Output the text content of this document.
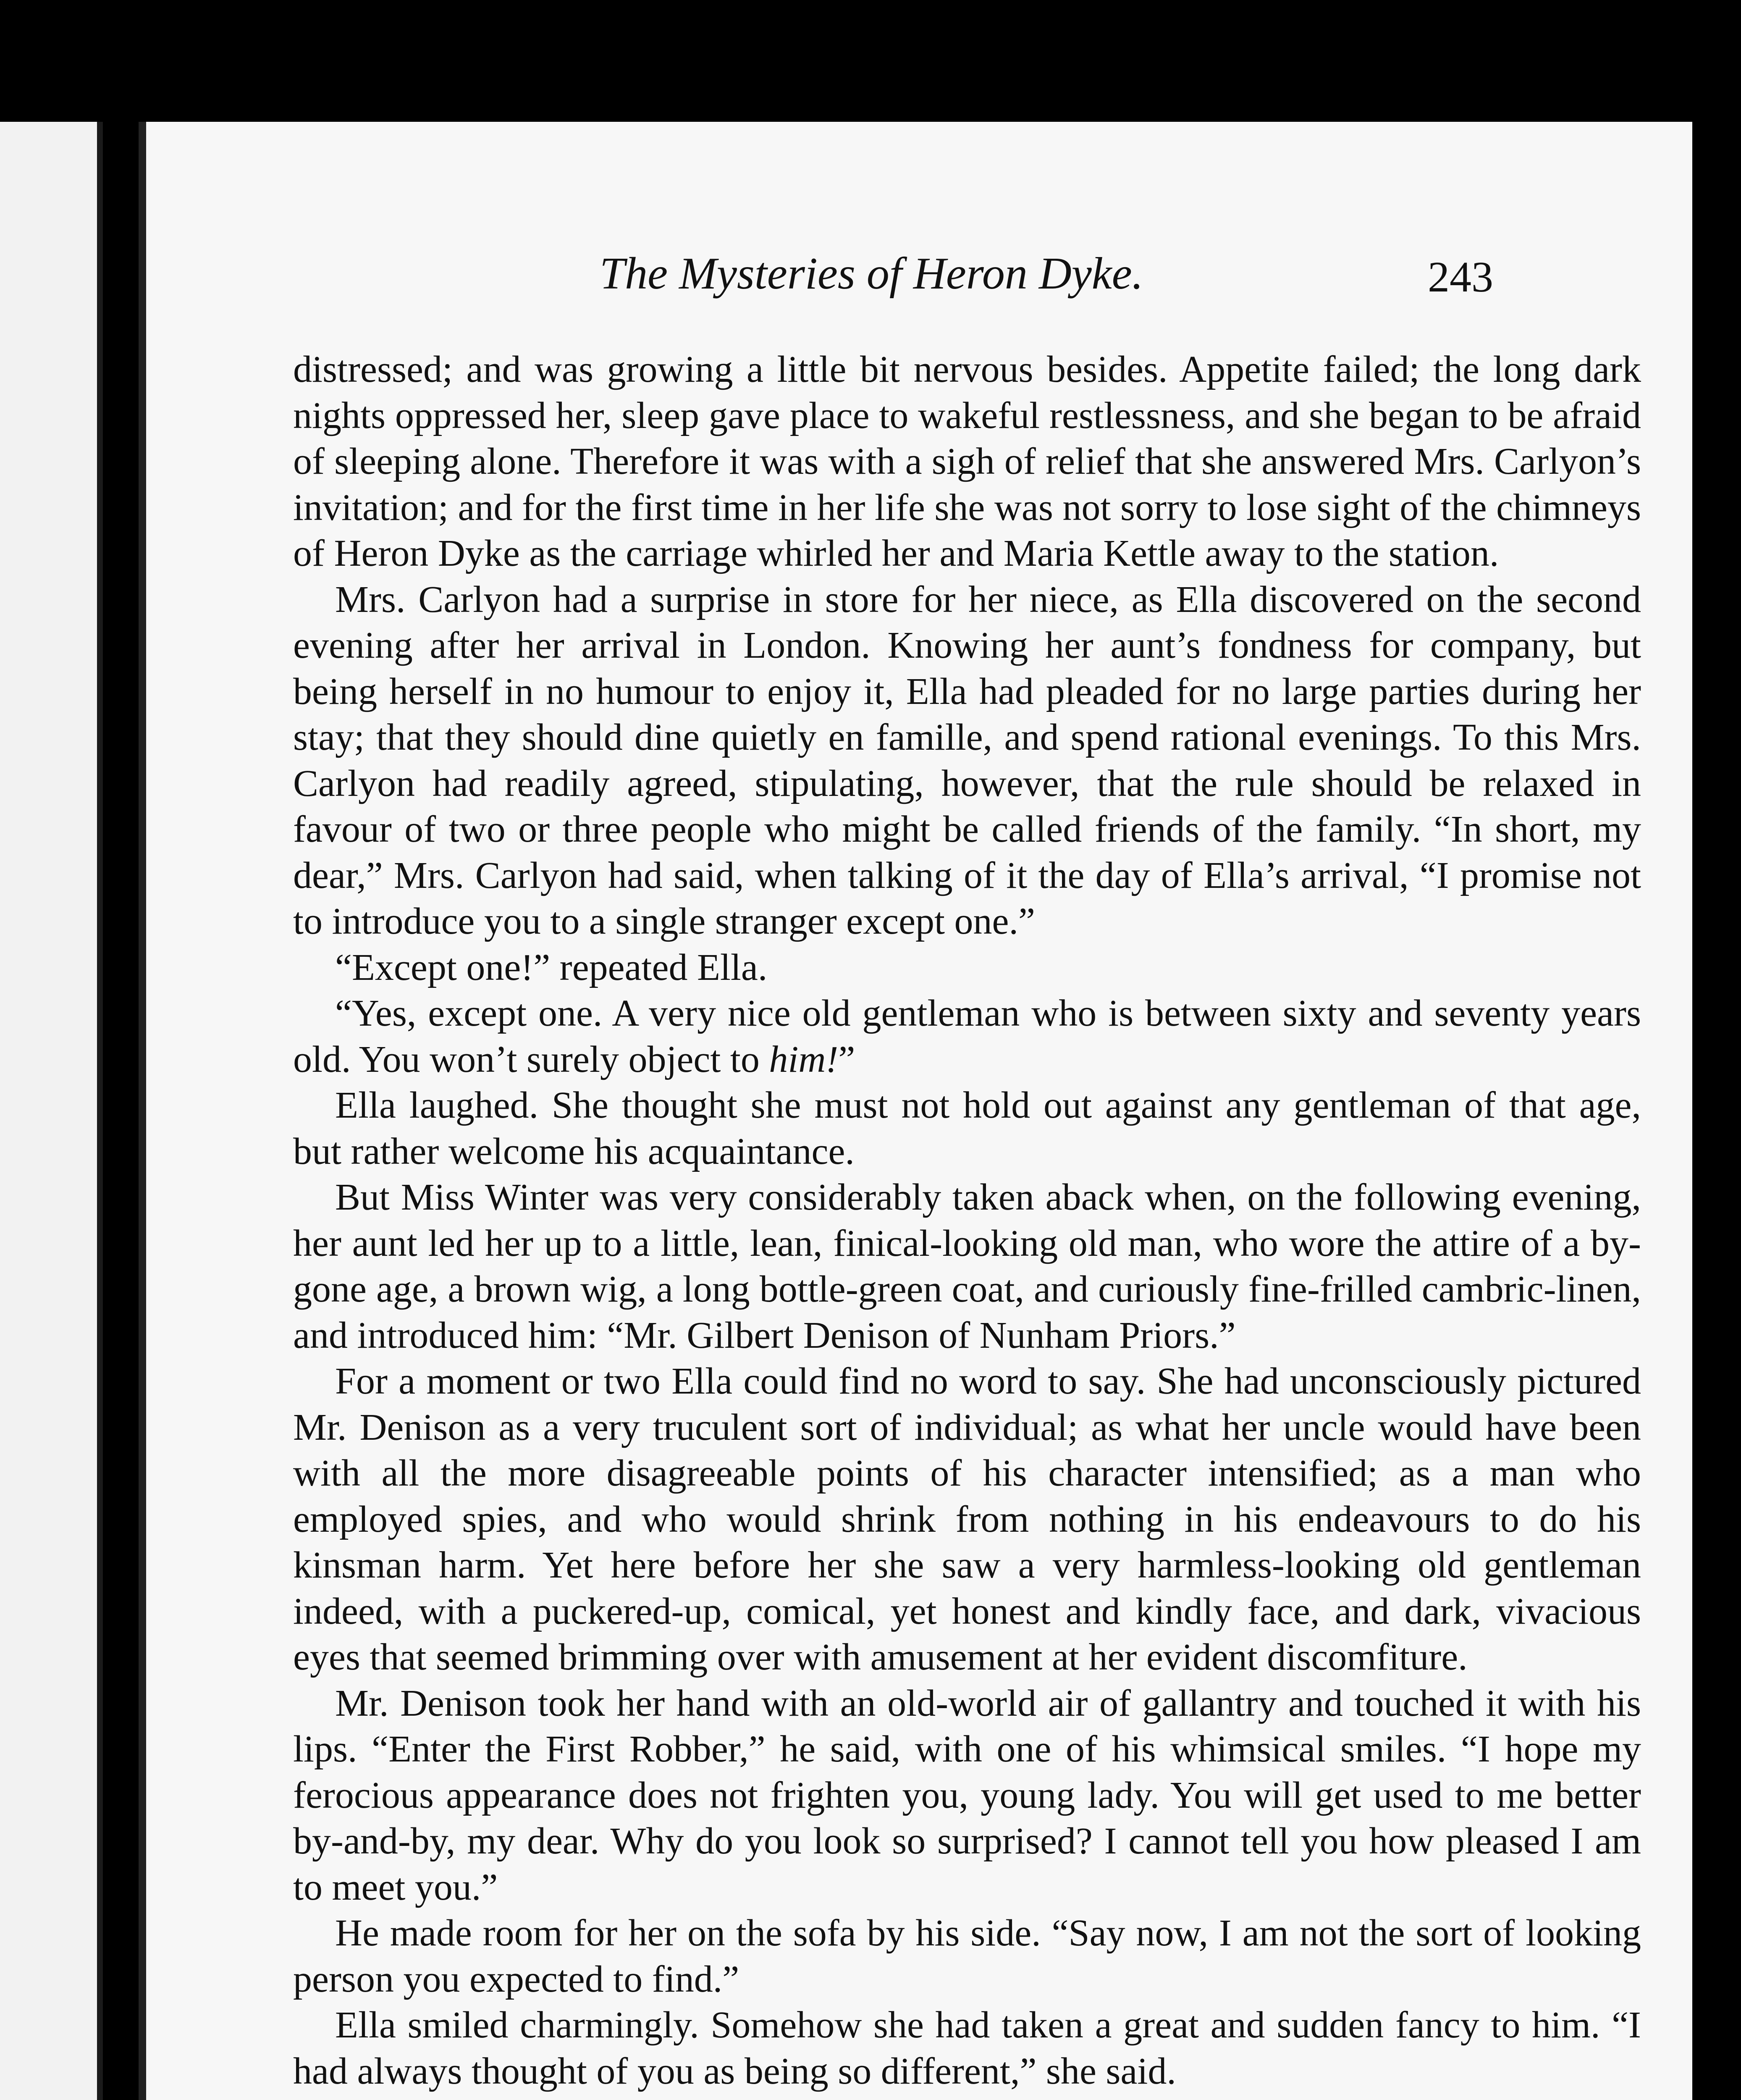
The Mysteries of Heron Dyke.	243

distressed; and was growing a little bit nervous besides. Appetite failed; the long dark nights oppressed her, sleep gave place to wakeful restlessness, and she began to be afraid of sleeping alone. Therefore it was with a sigh of relief that she answered Mrs. Carlyon’s invitation; and for the first time in her life she was not sorry to lose sight of the chimneys of Heron Dyke as the carriage whirled her and Maria Kettle away to the station.

Mrs. Carlyon had a surprise in store for her niece, as Ella discovered on the second evening after her arrival in London. Knowing her aunt’s fondness for company, but being herself in no humour to enjoy it, Ella had pleaded for no large parties during her stay; that they should dine quietly en famille, and spend rational evenings. To this Mrs. Carlyon had readily agreed, stipulating, however, that the rule should be relaxed in favour of two or three people who might be called friends of the family. “In short, my dear,” Mrs. Carlyon had said, when talking of it the day of Ella’s arrival, “I promise not to introduce you to a single stranger except one.”

“Except one!” repeated Ella.

“Yes, except one. A very nice old gentleman who is between sixty and seventy years old. You won’t surely object to him!”

Ella laughed. She thought she must not hold out against any gentleman of that age, but rather welcome his acquaintance.

But Miss Winter was very considerably taken aback when, on the following evening, her aunt led her up to a little, lean, finical-looking old man, who wore the attire of a by-gone age, a brown wig, a long bottle-green coat, and curiously fine-frilled cambric-linen, and introduced him: “Mr. Gilbert Denison of Nunham Priors.”

For a moment or two Ella could find no word to say. She had unconsciously pictured Mr. Denison as a very truculent sort of individual; as what her uncle would have been with all the more disagreeable points of his character intensified; as a man who employed spies, and who would shrink from nothing in his endeavours to do his kinsman harm. Yet here before her she saw a very harmless-looking old gentleman indeed, with a puckered-up, comical, yet honest and kindly face, and dark, vivacious eyes that seemed brimming over with amusement at her evident discomfiture.

Mr. Denison took her hand with an old-world air of gallantry and touched it with his lips. “Enter the First Robber,” he said, with one of his whimsical smiles. “I hope my ferocious appearance does not frighten you, young lady. You will get used to me better by-and-by, my dear. Why do you look so surprised? I cannot tell you how pleased I am to meet you.”

He made room for her on the sofa by his side. “Say now, I am not the sort of looking person you expected to find.”

Ella smiled charmingly. Somehow she had taken a great and sudden fancy to him. “I had always thought of you as being so different,” she said.
